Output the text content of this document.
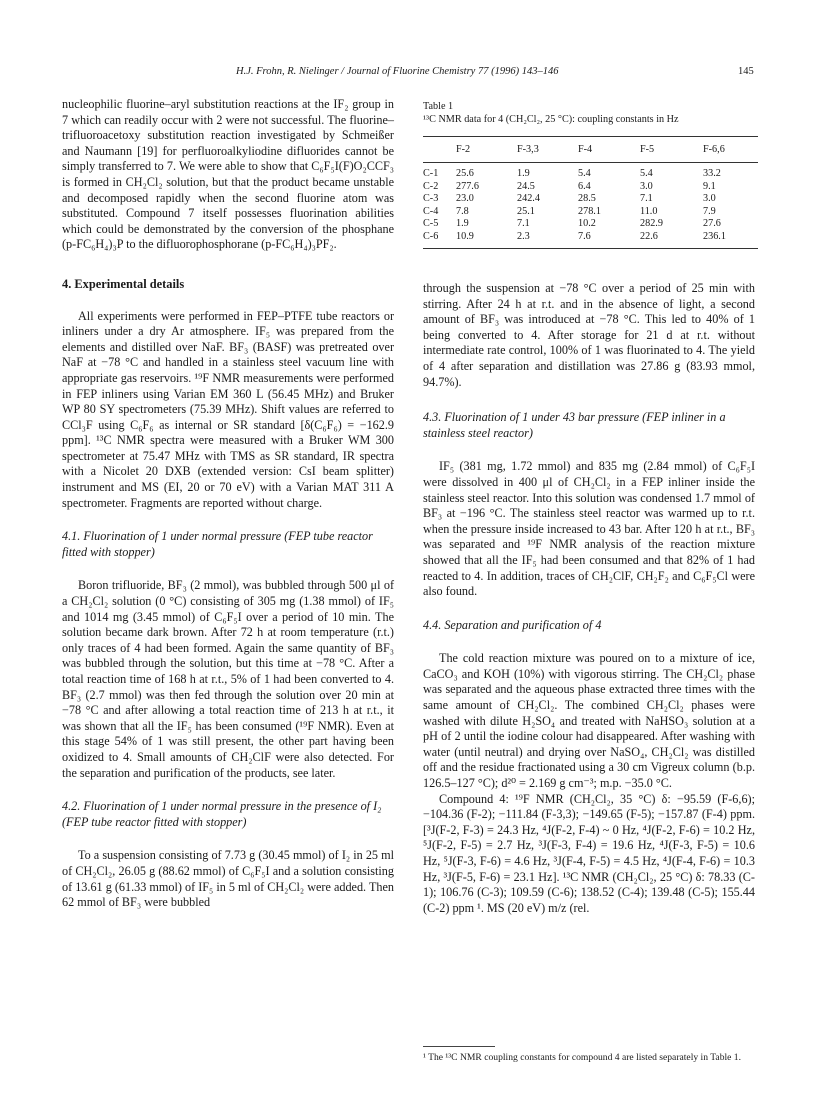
H.J. Frohn, R. Nielinger / Journal of Fluorine Chemistry 77 (1996) 143–146	145

nucleophilic fluorine–aryl substitution reactions at the IF₂ group in 7 which can readily occur with 2 were not successful. The fluorine–trifluoroacetoxy substitution reaction investigated by Schmeißer and Naumann [19] for perfluoroalkyliodine difluorides cannot be simply transferred to 7. We were able to show that C₆F₅I(F)O₂CCF₃ is formed in CH₂Cl₂ solution, but that the product became unstable and decomposed rapidly when the second fluorine atom was substituted. Compound 7 itself possesses fluorination abilities which could be demonstrated by the conversion of the phosphane (p-FC₆H₄)₃P to the difluorophosphorane (p-FC₆H₄)₃PF₂.

4. Experimental details

All experiments were performed in FEP–PTFE tube reactors or inliners under a dry Ar atmosphere. IF₅ was prepared from the elements and distilled over NaF. BF₃ (BASF) was pretreated over NaF at −78 °C and handled in a stainless steel vacuum line with appropriate gas reservoirs. ¹⁹F NMR measurements were performed in FEP inliners using Varian EM 360 L (56.45 MHz) and Bruker WP 80 SY spectrometers (75.39 MHz). Shift values are referred to CCl₃F using C₆F₆ as internal or SR standard [δ(C₆F₆) = −162.9 ppm]. ¹³C NMR spectra were measured with a Bruker WM 300 spectrometer at 75.47 MHz with TMS as SR standard, IR spectra with a Nicolet 20 DXB (extended version: CsI beam splitter) instrument and MS (EI, 20 or 70 eV) with a Varian MAT 311 A spectrometer. Fragments are reported without charge.

4.1. Fluorination of 1 under normal pressure (FEP tube reactor fitted with stopper)

Boron trifluoride, BF₃ (2 mmol), was bubbled through 500 μl of a CH₂Cl₂ solution (0 °C) consisting of 305 mg (1.38 mmol) of IF₅ and 1014 mg (3.45 mmol) of C₆F₅I over a period of 10 min. The solution became dark brown. After 72 h at room temperature (r.t.) only traces of 4 had been formed. Again the same quantity of BF₃ was bubbled through the solution, but this time at −78 °C. After a total reaction time of 168 h at r.t., 5% of 1 had been converted to 4. BF₃ (2.7 mmol) was then fed through the solution over 20 min at −78 °C and after allowing a total reaction time of 213 h at r.t., it was shown that all the IF₅ has been consumed (¹⁹F NMR). Even at this stage 54% of 1 was still present, the other part having been oxidized to 4. Small amounts of CH₂ClF were also detected. For the separation and purification of the products, see later.

4.2. Fluorination of 1 under normal pressure in the presence of I₂ (FEP tube reactor fitted with stopper)

To a suspension consisting of 7.73 g (30.45 mmol) of I₂ in 25 ml of CH₂Cl₂, 26.05 g (88.62 mmol) of C₆F₅I and a solution consisting of 13.61 g (61.33 mmol) of IF₅ in 5 ml of CH₂Cl₂ were added. Then 62 mmol of BF₃ were bubbled

Table 1

¹³C NMR data for 4 (CH₂Cl₂, 25 °C): coupling constants in Hz

	F-2	F-3,3	F-4	F-5	F-6,6
C-1	25.6	1.9	5.4	5.4	33.2
C-2	277.6	24.5	6.4	3.0	9.1
C-3	23.0	242.4	28.5	7.1	3.0
C-4	7.8	25.1	278.1	11.0	7.9
C-5	1.9	7.1	10.2	282.9	27.6
C-6	10.9	2.3	7.6	22.6	236.1

through the suspension at −78 °C over a period of 25 min with stirring. After 24 h at r.t. and in the absence of light, a second amount of BF₃ was introduced at −78 °C. This led to 40% of 1 being converted to 4. After storage for 21 d at r.t. without intermediate rate control, 100% of 1 was fluorinated to 4. The yield of 4 after separation and distillation was 27.86 g (83.93 mmol, 94.7%).

4.3. Fluorination of 1 under 43 bar pressure (FEP inliner in a stainless steel reactor)

IF₅ (381 mg, 1.72 mmol) and 835 mg (2.84 mmol) of C₆F₅I were dissolved in 400 μl of CH₂Cl₂ in a FEP inliner inside the stainless steel reactor. Into this solution was condensed 1.7 mmol of BF₃ at −196 °C. The stainless steel reactor was warmed up to r.t. when the pressure inside increased to 43 bar. After 120 h at r.t., BF₃ was separated and ¹⁹F NMR analysis of the reaction mixture showed that all the IF₅ had been consumed and that 82% of 1 had reacted to 4. In addition, traces of CH₂ClF, CH₂F₂ and C₆F₅Cl were also found.

4.4. Separation and purification of 4

The cold reaction mixture was poured on to a mixture of ice, CaCO₃ and KOH (10%) with vigorous stirring. The CH₂Cl₂ phase was separated and the aqueous phase extracted three times with the same amount of CH₂Cl₂. The combined CH₂Cl₂ phases were washed with dilute H₂SO₄ and treated with NaHSO₃ solution at a pH of 2 until the iodine colour had disappeared. After washing with water (until neutral) and drying over NaSO₄, CH₂Cl₂ was distilled off and the residue fractionated using a 30 cm Vigreux column (b.p. 126.5–127 °C); d²⁰ = 2.169 g cm⁻³; m.p. −35.0 °C.

Compound 4: ¹⁹F NMR (CH₂Cl₂, 35 °C) δ: −95.59 (F-6,6); −104.36 (F-2); −111.84 (F-3,3); −149.65 (F-5); −157.87 (F-4) ppm. [³J(F-2, F-3) = 24.3 Hz, ⁴J(F-2, F-4) ~ 0 Hz, ⁴J(F-2, F-6) = 10.2 Hz, ⁵J(F-2, F-5) = 2.7 Hz, ³J(F-3, F-4) = 19.6 Hz, ⁴J(F-3, F-5) = 10.6 Hz, ⁵J(F-3, F-6) = 4.6 Hz, ³J(F-4, F-5) = 4.5 Hz, ⁴J(F-4, F-6) = 10.3 Hz, ³J(F-5, F-6) = 23.1 Hz]. ¹³C NMR (CH₂Cl₂, 25 °C) δ: 78.33 (C-1); 106.76 (C-3); 109.59 (C-6); 138.52 (C-4); 139.48 (C-5); 155.44 (C-2) ppm ¹. MS (20 eV) m/z (rel.

¹ The ¹³C NMR coupling constants for compound 4 are listed separately in Table 1.
